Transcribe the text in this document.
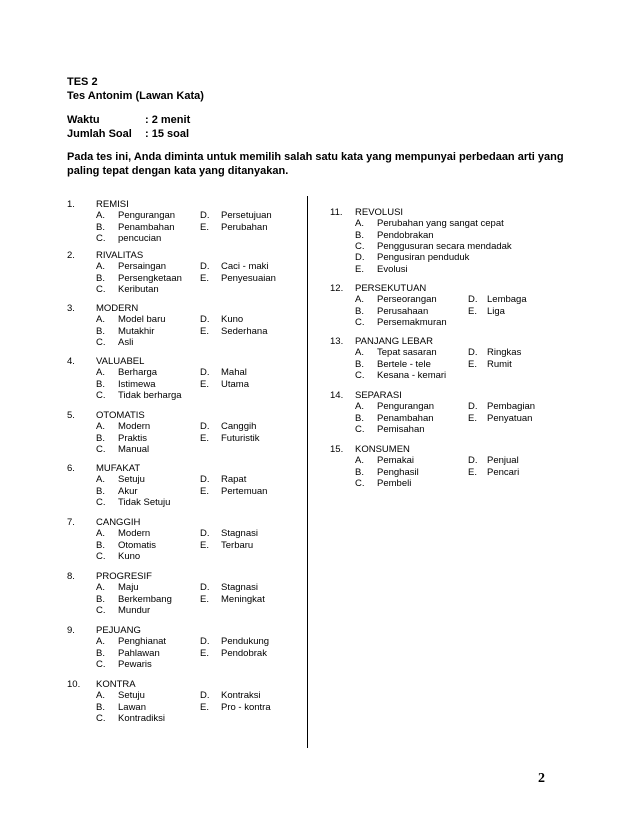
TES 2
Tes Antonim (Lawan Kata)
Waktu	: 2 menit
Jumlah Soal : 15 soal
Pada tes ini, Anda diminta untuk memilih salah satu kata yang mempunyai perbedaan arti yang
paling tepat dengan kata yang ditanyakan.
1. REMISI
A. Pengurangan
B. Penambahan
C. pencucian
D. Persetujuan
E. Perubahan
2. RIVALITAS
A. Persaingan
B. Persengketaan
C. Keributan
D. Caci - maki
E. Penyesuaian
3. MODERN
A. Model baru
B. Mutakhir
C. Asli
D. Kuno
E. Sederhana
4. VALUABEL
A. Berharga
B. Istimewa
C. Tidak berharga
D. Mahal
E. Utama
5. OTOMATIS
A. Modern
B. Praktis
C. Manual
D. Canggih
E. Futuristik
6. MUFAKAT
A. Setuju
B. Akur
C. Tidak Setuju
D. Rapat
E. Pertemuan
7. CANGGIH
A. Modern
B. Otomatis
C. Kuno
D. Stagnasi
E. Terbaru
8. PROGRESIF
A. Maju
B. Berkembang
C. Mundur
D. Stagnasi
E. Meningkat
9. PEJUANG
A. Penghianat
B. Pahlawan
C. Pewaris
D. Pendukung
E. Pendobrak
10. KONTRA
A. Setuju
B. Lawan
C. Kontradiksi
D. Kontraksi
E. Pro - kontra
11. REVOLUSI
A. Perubahan yang sangat cepat
B. Pendobrakan
C. Penggusuran secara mendadak
D. Pengusiran penduduk
E. Evolusi
12. PERSEKUTUAN
A. Perseorangan
B. Perusahaan
C. Persemakmuran
D. Lembaga
E. Liga
13. PANJANG LEBAR
A. Tepat sasaran
B. Bertele - tele
C. Kesana - kemari
D. Ringkas
E. Rumit
14. SEPARASI
A. Pengurangan
B. Penambahan
C. Pemisahan
D. Pembagian
E. Penyatuan
15. KONSUMEN
A. Pemakai
B. Penghasil
C. Pembeli
D. Penjual
E. Pencari
2
